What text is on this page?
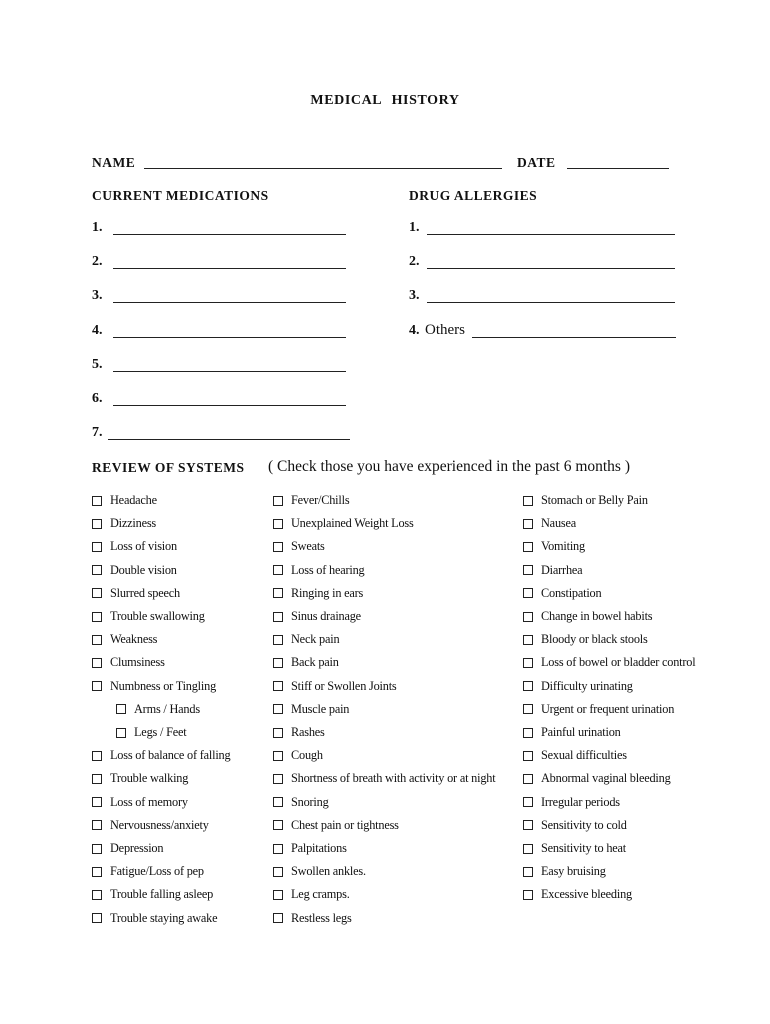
MEDICAL HISTORY
NAME	DATE
CURRENT MEDICATIONS	DRUG ALLERGIES
1.
2.
3.
4.
5.
6.
7.
1.
2.
3.
4. Others
REVIEW OF SYSTEMS ( Check those you have experienced in the past 6 months )
Headache
Dizziness
Loss of vision
Double vision
Slurred speech
Trouble swallowing
Weakness
Clumsiness
Numbness or Tingling
Arms / Hands
Legs / Feet
Loss of balance of falling
Trouble walking
Loss of memory
Nervousness/anxiety
Depression
Fatigue/Loss of pep
Trouble falling asleep
Trouble staying awake
Fever/Chills
Unexplained Weight Loss
Sweats
Loss of hearing
Ringing in ears
Sinus drainage
Neck pain
Back pain
Stiff or Swollen Joints
Muscle pain
Rashes
Cough
Shortness of breath with activity or at night
Snoring
Chest pain or tightness
Palpitations
Swollen ankles.
Leg cramps.
Restless legs
Stomach or Belly Pain
Nausea
Vomiting
Diarrhea
Constipation
Change in bowel habits
Bloody or black stools
Loss of bowel or bladder control
Difficulty urinating
Urgent or frequent urination
Painful urination
Sexual difficulties
Abnormal vaginal bleeding
Irregular periods
Sensitivity to cold
Sensitivity to heat
Easy bruising
Excessive bleeding
